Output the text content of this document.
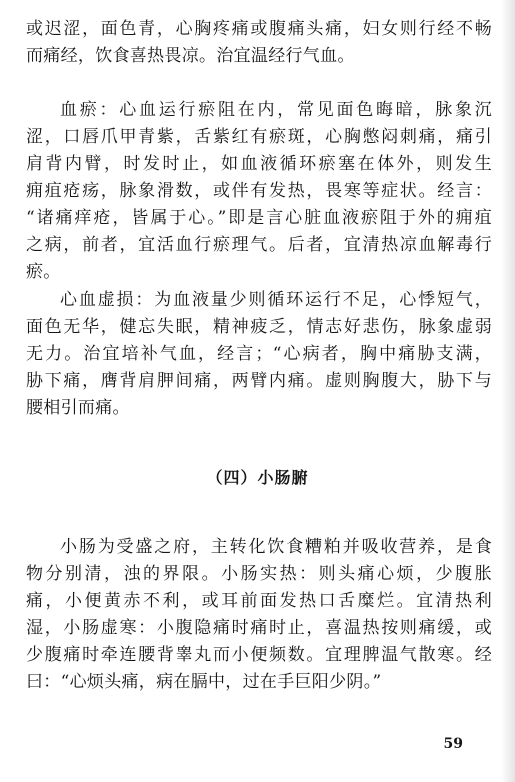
或迟涩，面色青，心胸疼痛或腹痛头痛，妇女则行经不畅
而痛经，饮食喜热畏凉。治宜温经行气血。
血瘀：心血运行瘀阻在内，常见面色晦暗，脉象沉
涩，口唇爪甲青紫，舌紫红有瘀斑，心胸憋闷刺痛，痛引
肩背内臂，时发时止，如血液循环瘀塞在体外，则发生
痈疽疮疡，脉象滑数，或伴有发热，畏寒等症状。经言：
“诸痛痒疮，皆属于心。”即是言心脏血液瘀阻于外的痈疽
之病，前者，宜活血行瘀理气。后者，宜清热凉血解毒行
瘀。
心血虚损：为血液量少则循环运行不足，心悸短气，
面色无华，健忘失眠，精神疲乏，情志好悲伤，脉象虚弱
无力。治宜培补气血，经言；“心病者，胸中痛胁支满，
胁下痛，膺背肩胛间痛，两臂内痛。虚则胸腹大，胁下与
腰相引而痛。
（四）小肠腑
小肠为受盛之府，主转化饮食糟粕并吸收营养，是食
物分别清，浊的界限。小肠实热：则头痛心烦，少腹胀
痛，小便黄赤不利，或耳前面发热口舌糜烂。宜清热利
湿，小肠虚寒：小腹隐痛时痛时止，喜温热按则痛缓，或
少腹痛时牵连腰背睾丸而小便频数。宜理脾温气散寒。经
曰：“心烦头痛，病在膈中，过在手巨阳少阴。”
59
